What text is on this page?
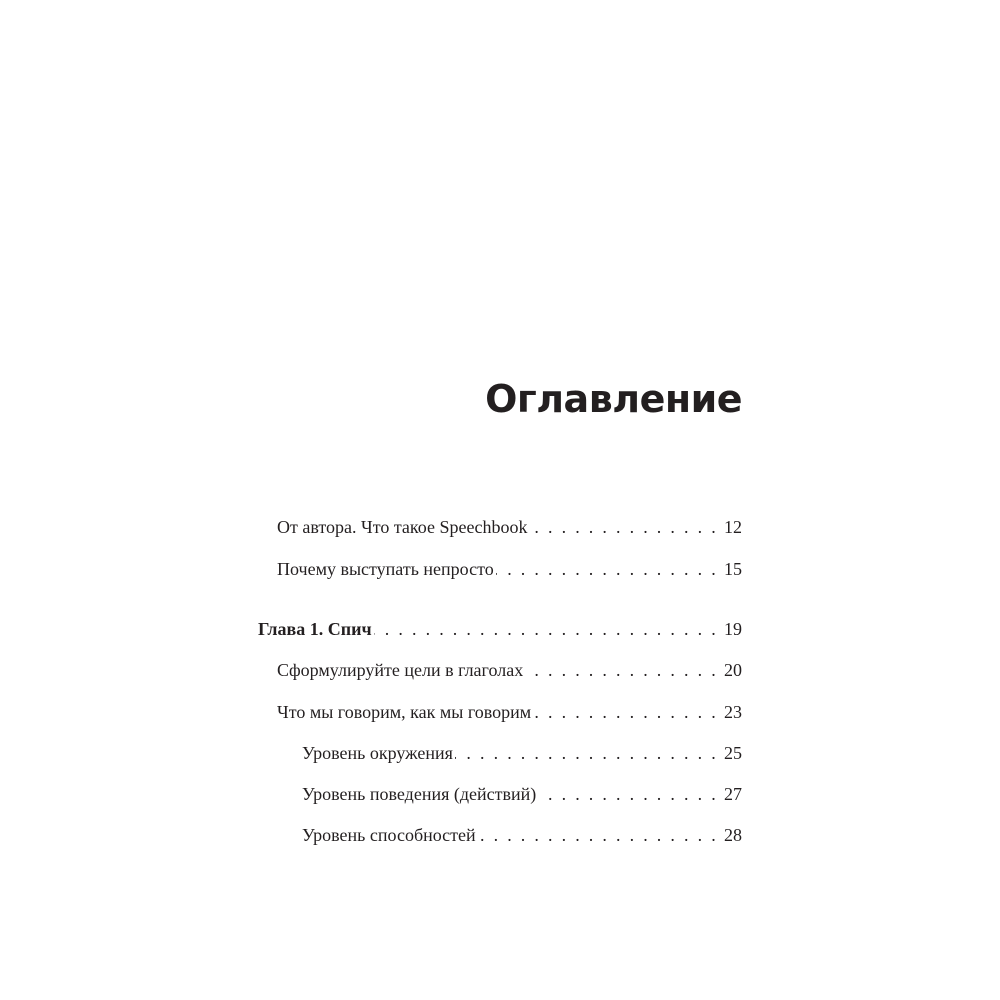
Оглавление
От автора. Что такое Speechbook . . .	12
Почему выступать непросто . . .	15
Глава 1. Спич . . .	19
Сформулируйте цели в глаголах . . .	20
Что мы говорим, как мы говорим . . .	23
Уровень окружения . . .	25
Уровень поведения (действий) . . .	27
Уровень способностей . . .	28
